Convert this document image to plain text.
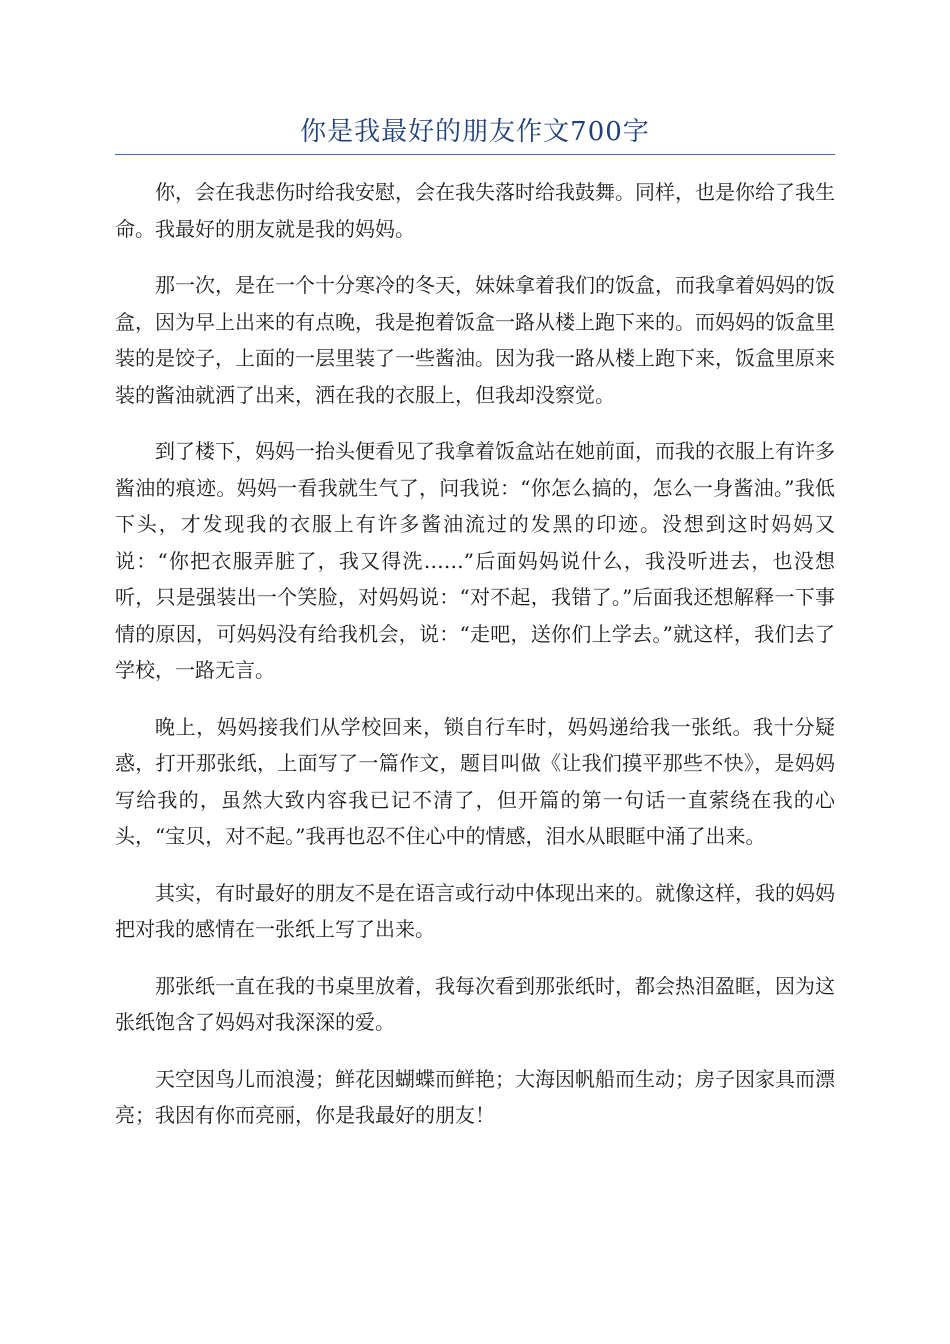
你是我最好的朋友作文700字

你，会在我悲伤时给我安慰，会在我失落时给我鼓舞。同样，也是你给了我生命。我最好的朋友就是我的妈妈。

那一次，是在一个十分寒冷的冬天，妹妹拿着我们的饭盒，而我拿着妈妈的饭盒，因为早上出来的有点晚，我是抱着饭盒一路从楼上跑下来的。而妈妈的饭盒里装的是饺子，上面的一层里装了一些酱油。因为我一路从楼上跑下来，饭盒里原来装的酱油就洒了出来，洒在我的衣服上，但我却没察觉。

到了楼下，妈妈一抬头便看见了我拿着饭盒站在她前面，而我的衣服上有许多酱油的痕迹。妈妈一看我就生气了，问我说：“你怎么搞的，怎么一身酱油。”我低下头，才发现我的衣服上有许多酱油流过的发黑的印迹。没想到这时妈妈又说：“你把衣服弄脏了，我又得洗……”后面妈妈说什么，我没听进去，也没想听，只是强装出一个笑脸，对妈妈说：“对不起，我错了。”后面我还想解释一下事情的原因，可妈妈没有给我机会，说：“走吧，送你们上学去。”就这样，我们去了学校，一路无言。

晚上，妈妈接我们从学校回来，锁自行车时，妈妈递给我一张纸。我十分疑惑，打开那张纸，上面写了一篇作文，题目叫做《让我们摸平那些不快》，是妈妈写给我的，虽然大致内容我已记不清了，但开篇的第一句话一直萦绕在我的心头，“宝贝，对不起。”我再也忍不住心中的情感，泪水从眼眶中涌了出来。

其实，有时最好的朋友不是在语言或行动中体现出来的。就像这样，我的妈妈把对我的感情在一张纸上写了出来。

那张纸一直在我的书桌里放着，我每次看到那张纸时，都会热泪盈眶，因为这张纸饱含了妈妈对我深深的爱。

天空因鸟儿而浪漫；鲜花因蝴蝶而鲜艳；大海因帆船而生动；房子因家具而漂亮；我因有你而亮丽，你是我最好的朋友！
